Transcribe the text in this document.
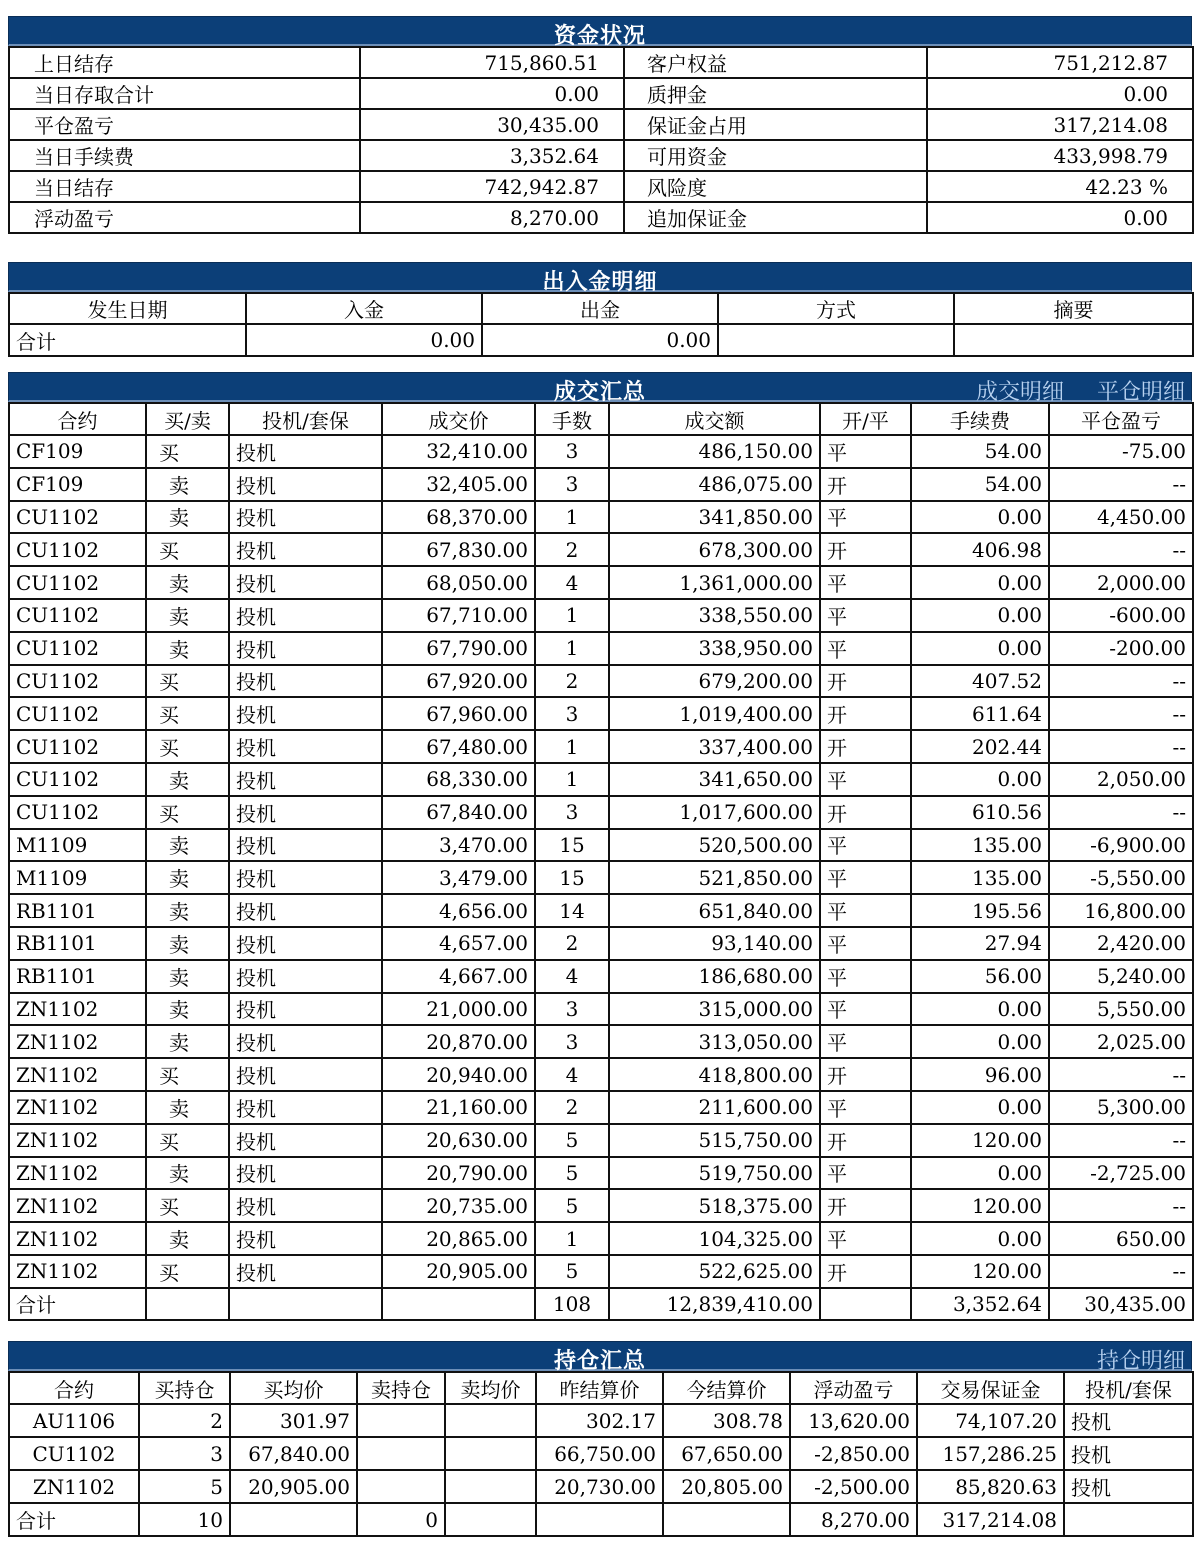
资金状况
上日结存	715,860.51	客户权益	751,212.87
当日存取合计	0.00	质押金	0.00
平仓盈亏	30,435.00	保证金占用	317,214.08
当日手续费	3,352.64	可用资金	433,998.79
当日结存	742,942.87	风险度	42.23 %
浮动盈亏	8,270.00	追加保证金	0.00
出入金明细
发生日期	入金	出金	方式	摘要
合计	0.00	0.00		
成交汇总	成交明细 平仓明细
合约	买/卖	投机/套保	成交价	手数	成交额	开/平	手续费	平仓盈亏
CF109	买	投机	32,410.00	3	486,150.00	平	54.00	-75.00
CF109	卖	投机	32,405.00	3	486,075.00	开	54.00	--
CU1102	卖	投机	68,370.00	1	341,850.00	平	0.00	4,450.00
CU1102	买	投机	67,830.00	2	678,300.00	开	406.98	--
CU1102	卖	投机	68,050.00	4	1,361,000.00	平	0.00	2,000.00
CU1102	卖	投机	67,710.00	1	338,550.00	平	0.00	-600.00
CU1102	卖	投机	67,790.00	1	338,950.00	平	0.00	-200.00
CU1102	买	投机	67,920.00	2	679,200.00	开	407.52	--
CU1102	买	投机	67,960.00	3	1,019,400.00	开	611.64	--
CU1102	买	投机	67,480.00	1	337,400.00	开	202.44	--
CU1102	卖	投机	68,330.00	1	341,650.00	平	0.00	2,050.00
CU1102	买	投机	67,840.00	3	1,017,600.00	开	610.56	--
M1109	卖	投机	3,470.00	15	520,500.00	平	135.00	-6,900.00
M1109	卖	投机	3,479.00	15	521,850.00	平	135.00	-5,550.00
RB1101	卖	投机	4,656.00	14	651,840.00	平	195.56	16,800.00
RB1101	卖	投机	4,657.00	2	93,140.00	平	27.94	2,420.00
RB1101	卖	投机	4,667.00	4	186,680.00	平	56.00	5,240.00
ZN1102	卖	投机	21,000.00	3	315,000.00	平	0.00	5,550.00
ZN1102	卖	投机	20,870.00	3	313,050.00	平	0.00	2,025.00
ZN1102	买	投机	20,940.00	4	418,800.00	开	96.00	--
ZN1102	卖	投机	21,160.00	2	211,600.00	平	0.00	5,300.00
ZN1102	买	投机	20,630.00	5	515,750.00	开	120.00	--
ZN1102	卖	投机	20,790.00	5	519,750.00	平	0.00	-2,725.00
ZN1102	买	投机	20,735.00	5	518,375.00	开	120.00	--
ZN1102	卖	投机	20,865.00	1	104,325.00	平	0.00	650.00
ZN1102	买	投机	20,905.00	5	522,625.00	开	120.00	--
合计				108	12,839,410.00		3,352.64	30,435.00
持仓汇总	持仓明细
合约	买持仓	买均价	卖持仓	卖均价	昨结算价	今结算价	浮动盈亏	交易保证金	投机/套保
AU1106	2	301.97			302.17	308.78	13,620.00	74,107.20	投机
CU1102	3	67,840.00			66,750.00	67,650.00	-2,850.00	157,286.25	投机
ZN1102	5	20,905.00			20,730.00	20,805.00	-2,500.00	85,820.63	投机
合计	10		0				8,270.00	317,214.08	
